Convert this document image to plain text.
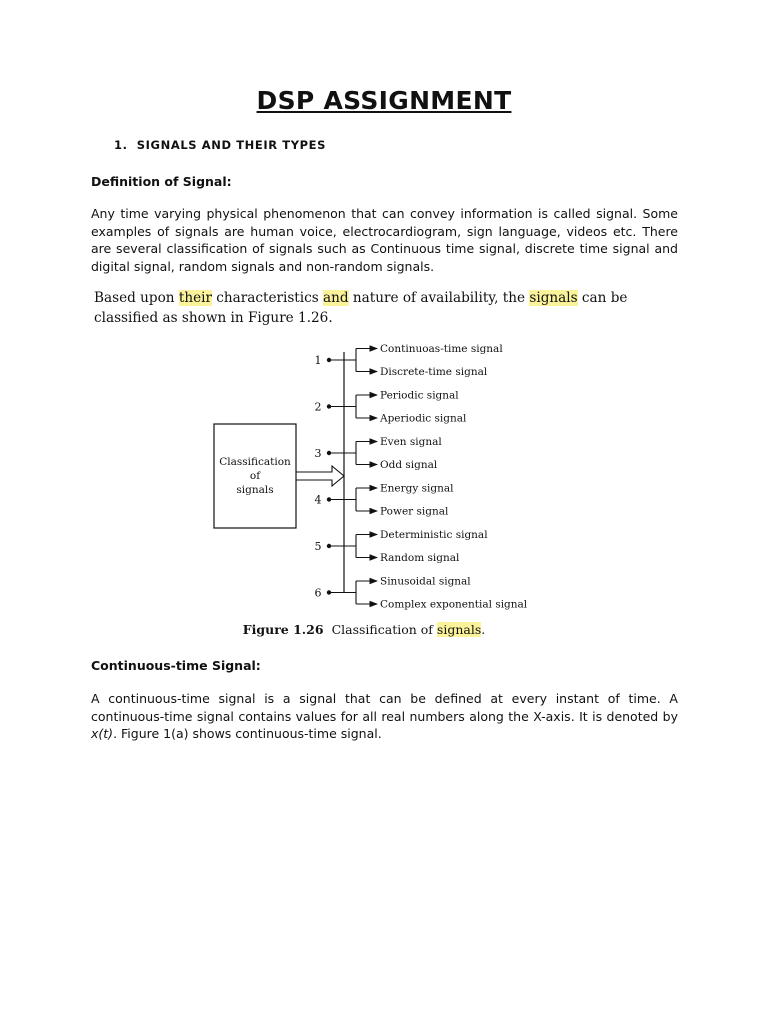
DSP ASSIGNMENT
1. SIGNALS AND THEIR TYPES
Definition of Signal:

Any time varying physical phenomenon that can convey information is called signal. Some examples of signals are human voice, electrocardiogram, sign language, videos etc. There are several classification of signals such as Continuous time signal, discrete time signal and digital signal, random signals and non-random signals.

Based upon their characteristics and nature of availability, the signals can be classified as shown in Figure 1.26.
Classification
of
signals
1
Continuoas-time signal
Discrete-time signal
2
Periodic signal
Aperiodic signal
3
Even signal
Odd signal
4
Energy signal
Power signal
5
Deterministic signal
Random signal
6
Sinusoidal signal
Complex exponential signal
Figure 1.26 Classification of signals.
Continuous-time Signal:

A continuous-time signal is a signal that can be defined at every instant of time. A continuous-time signal contains values for all real numbers along the X-axis. It is denoted by x(t). Figure 1(a) shows continuous-time signal.
